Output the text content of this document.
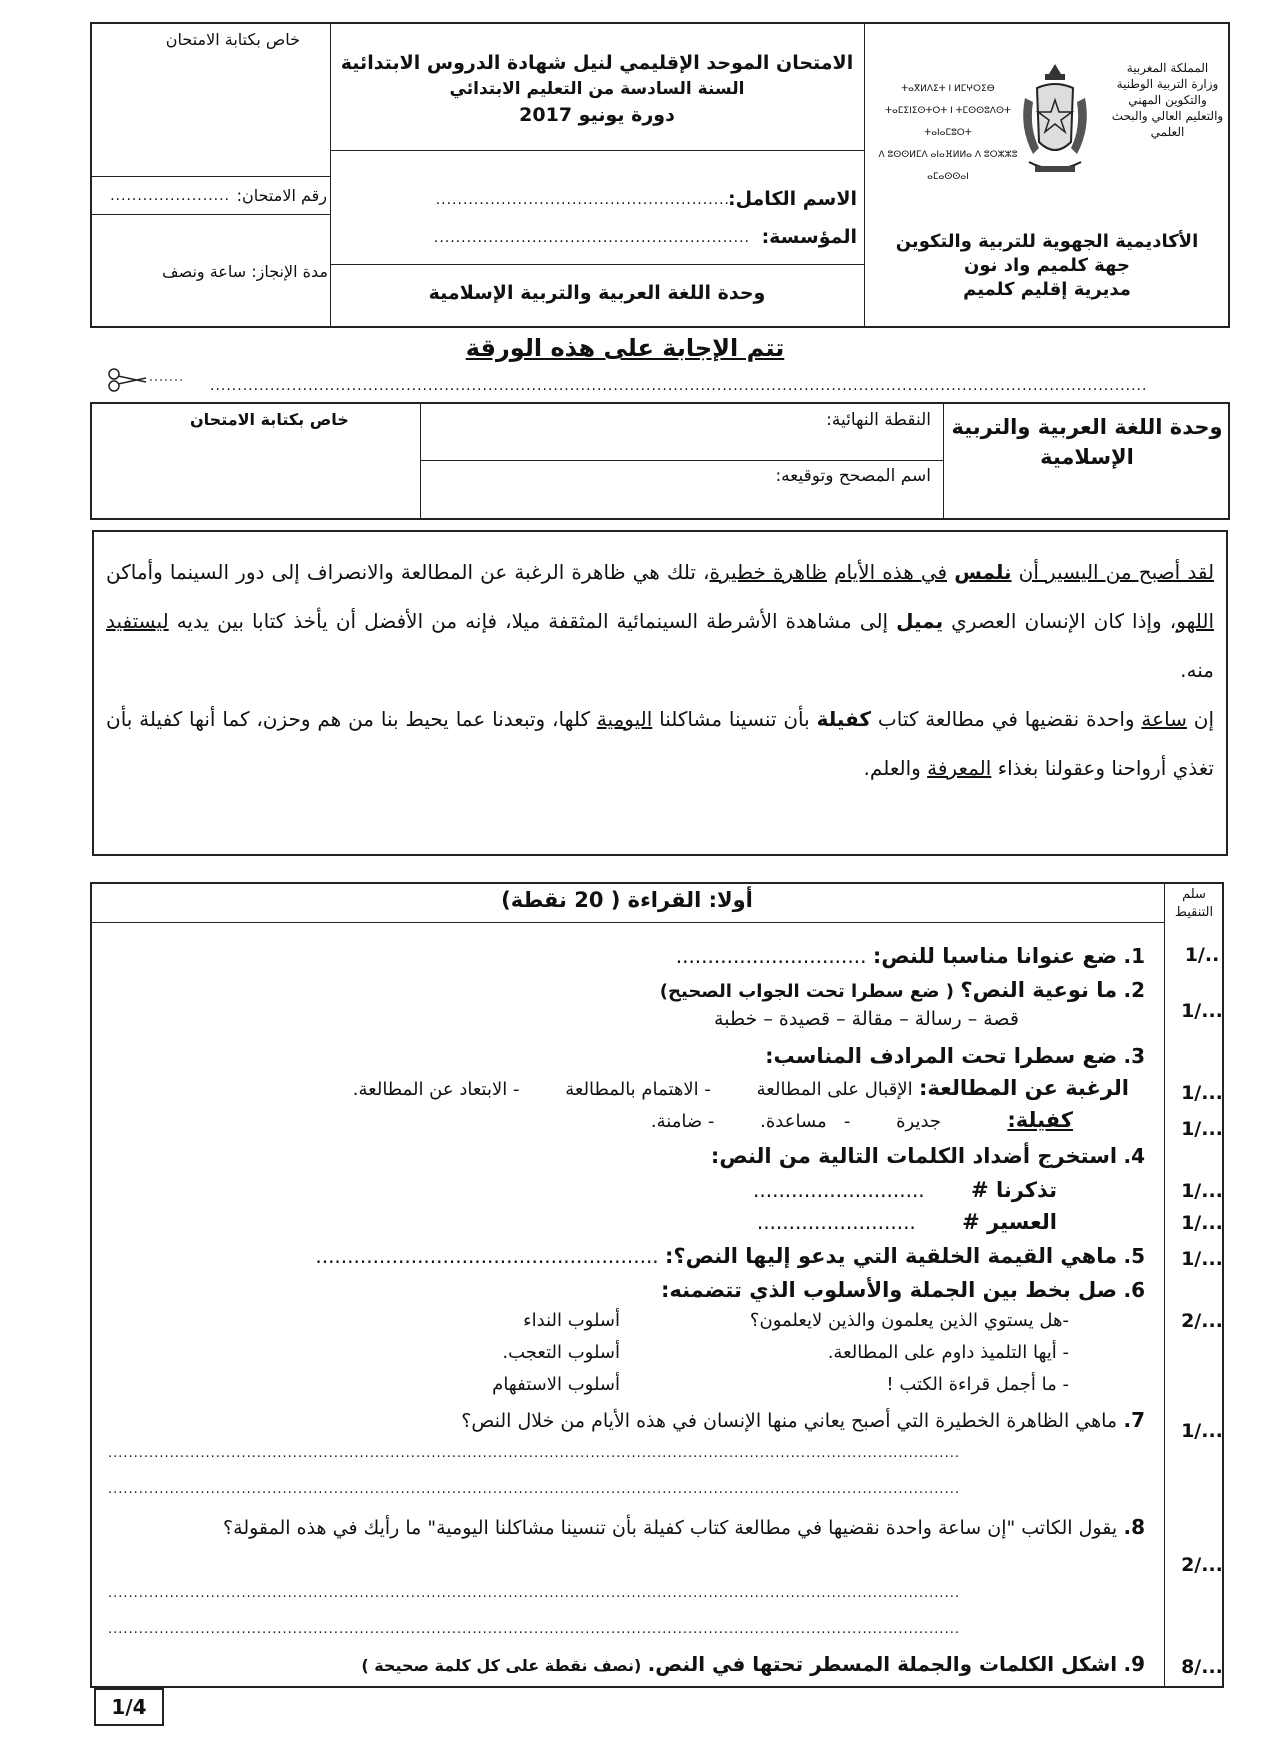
المملكة المغربية
وزارة التربية الوطنية
والتكوين المهني
والتعليم العالي والبحث العلمي
ⵜⴰⴳⵍⴷⵉⵜ ⵏ ⵍⵎⵖⵔⵉⴱ
ⵜⴰⵎⵉⵏⵉⵙⵜⵔⵜ ⵏ ⵜⵎⵙⵙⵓⴷⵙⵜ
ⵜⴰⵏⴰⵎⵓⵔⵜ
ⴷ ⵓⵙⵙⵍⵎⴷ ⴰⵏⴰⴼⵍⵍⴰ ⴷ ⵓⵔⵣⵣⵓ ⴰⵎⴰⵙⵙⴰⵏ
الأكاديمية الجهوية للتربية والتكوين
جهة كلميم واد نون
مديرية إقليم كلميم
الامتحان الموحد الإقليمي لنيل شهادة الدروس الابتدائية
السنة السادسة من التعليم الابتدائي
دورة يونيو 2017
الاسم الكامل:
......................................................
المؤسسة:
..........................................................
وحدة اللغة العربية والتربية الإسلامية
خاص بكتابة الامتحان
رقم الامتحان:
......................
مدة الإنجاز: ساعة ونصف
تتم الإجابة على هذه الورقة
............................................................................................................................................................................
وحدة اللغة العربية والتربية الإسلامية
النقطة النهائية:
اسم المصحح وتوقيعه:
خاص بكتابة الامتحان

لقد أصبح من اليسير أن نلمس في هذه الأيام ظاهرة خطيرة، تلك هي ظاهرة الرغبة عن المطالعة والانصراف إلى دور السينما وأماكن اللهو، وإذا كان الإنسان العصري يميل إلى مشاهدة الأشرطة السينمائية المثقفة ميلا، فإنه من الأفضل أن يأخذ كتابا بين يديه ليستفيد منه.

إن ساعة واحدة نقضيها في مطالعة كتاب كفيلة بأن تنسينا مشاكلنا اليومية كلها، وتبعدنا عما يحيط بنا من هم وحزن، كما أنها كفيلة بأن تغذي أرواحنا وعقولنا بغذاء المعرفة والعلم.

أولا: القراءة ( 20 نقطة)	سلم التنقيط
1. ضع عنوانا مناسبا للنص: ..............................	1/..
2. ما نوعية النص؟ ( ضع سطرا تحت الجواب الصحيح)
قصة – رسالة – مقالة – قصيدة – خطبة	1/...
3. ضع سطرا تحت المرادف المناسب:
الرغبة عن المطالعة: الإقبال على المطالعة        - الاهتمام بالمطالعة        - الابتعاد عن المطالعة.	1/...
كفيلة: جديرة        -   مساعدة.        - ضامنة.	1/...
4. استخرج أضداد الكلمات التالية من النص:
تذكرنا # ...........................	1/...
العسير # .........................	1/...
5. ماهي القيمة الخلقية التي يدعو إليها النص؟: ......................................................	1/...
6. صل بخط بين الجملة والأسلوب الذي تتضمنه:
-هل يستوي الذين يعلمون والذين لايعلمون؟
أسلوب النداء
- أيها التلميذ داوم على المطالعة.
أسلوب التعجب.
- ما أجمل قراءة الكتب !
أسلوب الاستفهام
2/...
7. ماهي الظاهرة الخطيرة التي أصبح يعاني منها الإنسان في هذه الأيام من خلال النص؟
......................................................................................................................................................................
......................................................................................................................................................................
1/...
8. يقول الكاتب "إن ساعة واحدة نقضيها في مطالعة كتاب كفيلة بأن تنسينا مشاكلنا اليومية" ما رأيك في هذه المقولة؟
......................................................................................................................................................................
......................................................................................................................................................................
2/...
9. اشكل الكلمات والجملة المسطر تحتها في النص. (نصف نقطة على كل كلمة صحيحة )	8/...
1/4
